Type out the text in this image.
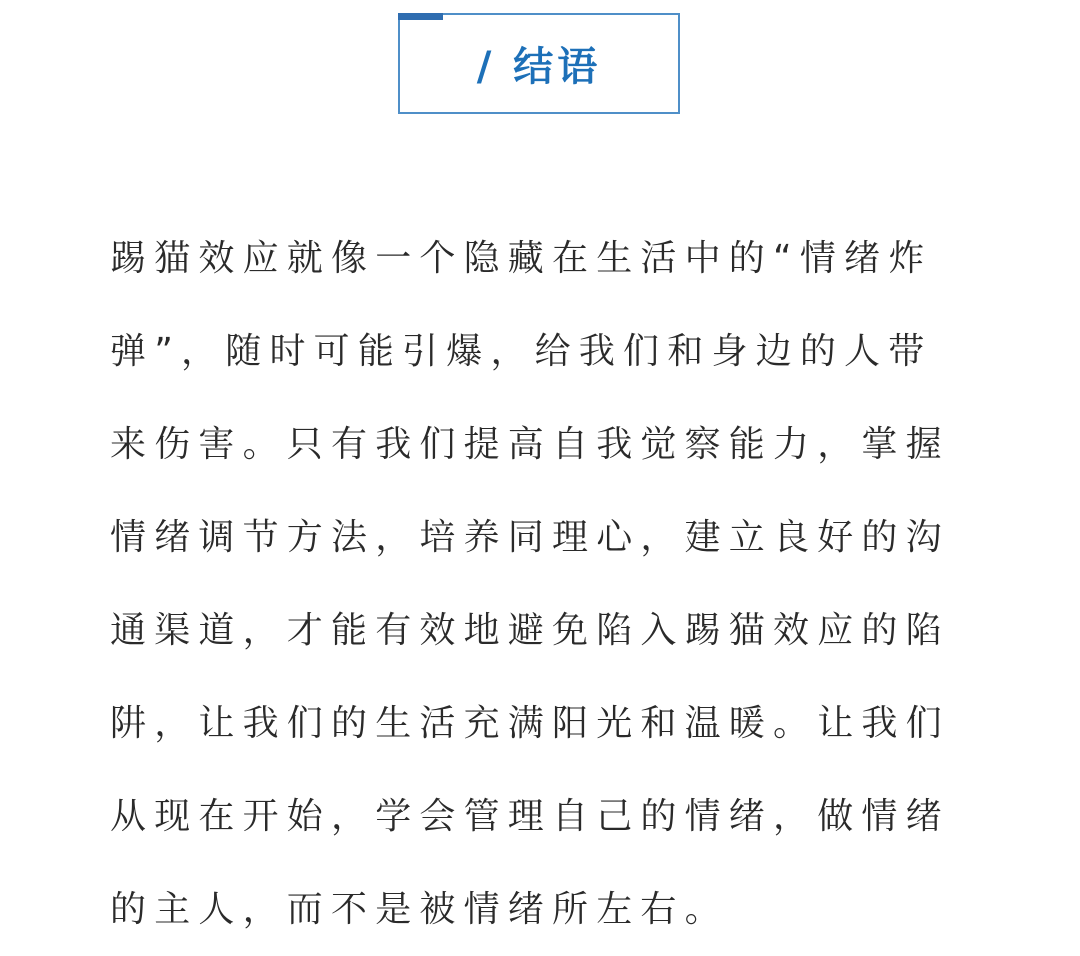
/ 结语

踢猫效应就像一个隐藏在生活中的“情绪炸弹”，随时可能引爆，给我们和身边的人带来伤害。只有我们提高自我觉察能力，掌握情绪调节方法，培养同理心，建立良好的沟通渠道，才能有效地避免陷入踢猫效应的陷阱，让我们的生活充满阳光和温暖。让我们从现在开始，学会管理自己的情绪，做情绪的主人，而不是被情绪所左右。
